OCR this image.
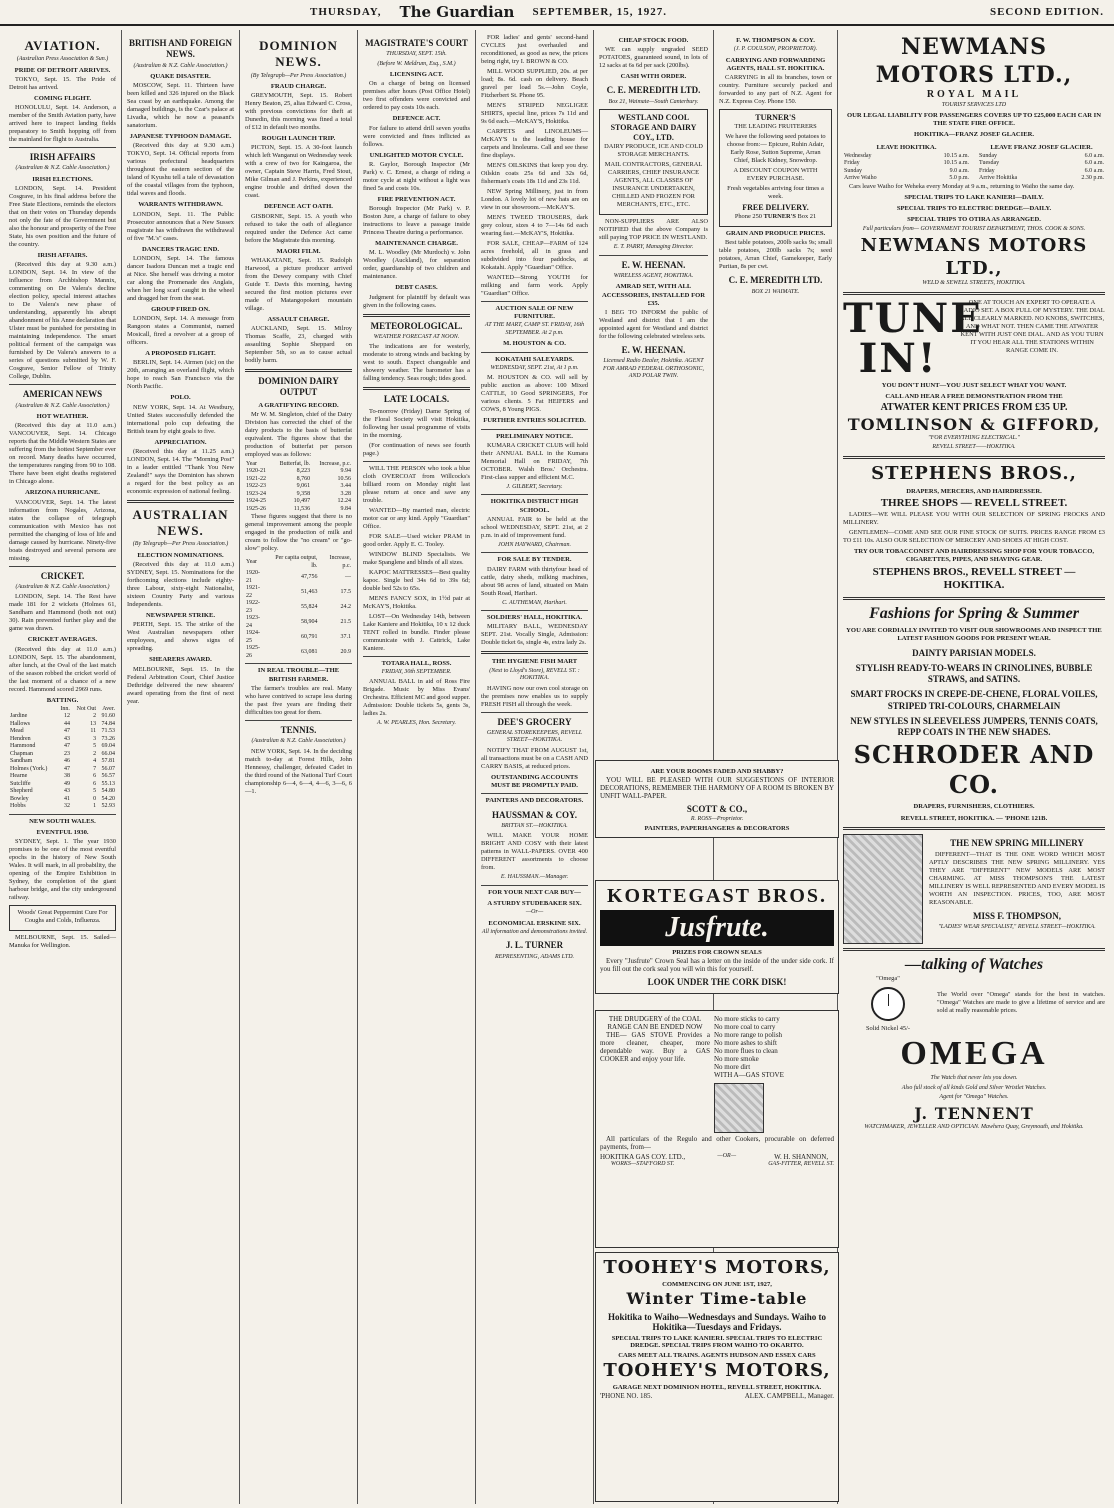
THURSDAY, The Guardian SEPTEMBER, 15, 1927.	SECOND EDITION.
AVIATION.
(Australian Press Association & Sun.)
PRIDE OF DETROIT ARRIVES.

TOKYO, Sept. 15. The Pride of Detroit has arrived.

COMING FLIGHT.

HONOLULU, Sept. 14. Anderson, a member of the Smith Aviation party, have arrived here to inspect landing fields preparatory to Smith hopping off from the mainland for flight to Australia.

IRISH AFFAIRS
(Australian & N.Z. Cable Association.)
IRISH ELECTIONS.

LONDON, Sept. 14. President Cosgrave, in his final address before the Free State Elections, reminds the electors that on their votes on Thursday depends not only the fate of the Government but also the honour and prosperity of the Free State, his own position and the future of the country.

IRISH AFFAIRS.

(Received this day at 9.30 a.m.) LONDON, Sept. 14. In view of the influence from Archbishop Mannix, commenting on De Valera's decline election policy, special interest attaches to De Valera's new phase of understanding, apparently his abrupt abandonment of his Anne declaration that Ulster must be punished for persisting in maintaining independence. The smart political ferment of the campaign was furnished by De Valera's answers to a series of questions submitted by W. F. Cosgrave, Senior Fellow of Trinity College, Dublin.

AMERICAN NEWS
(Australian & N.Z. Cable Association.)
HOT WEATHER.

(Received this day at 11.0 a.m.) VANCOUVER, Sept. 14. Chicago reports that the Middle Western States are suffering from the hottest September ever on record. Many deaths have occurred, the temperatures ranging from 90 to 108. There have been eight deaths registered in Chicago alone.

ARIZONA HURRICANE.

VANCOUVER, Sept. 14. The latest information from Nogales, Arizona, states the collapse of telegraph communication with Mexico has not permitted the changing of loss of life and damage caused by hurricane. Ninety-five boats destroyed and several persons are missing.

CRICKET.
(Australian & N.Z. Cable Association.)

LONDON, Sept. 14. The Rest have made 181 for 2 wickets (Holmes 61, Sandham and Hammond (both not out) 30). Rain prevented further play and the game was drawn.

CRICKET AVERAGES.

(Received this day at 11.0 a.m.) LONDON, Sept. 15. The abandonment, after lunch, at the Oval of the last match of the season robbed the cricket world of the last moment of a chance of a new record. Hammond scored 2969 runs.

BATTING.
	Inn.	Not Out	Aver.
Jardine	12	2	91.60
Hallows	44	13	74.84
Mead	47	11	71.53
Hendren	43	3	73.26
Hammond	47	5	69.04
Chapman	23	2	66.04
Sandham	46	4	57.81
Holmes (York.)	47	7	56.07
Hearne	38	6	56.57
Sutcliffe	49	6	55.13
Shepherd	43	5	54.80
Bowley	41	0	54.20
Hobbs	32	1	52.93
NEW SOUTH WALES.
EVENTFUL 1930.

SYDNEY, Sept. 1. The year 1930 promises to be one of the most eventful epochs in the history of New South Wales. It will mark, in all probability, the opening of the Empire Exhibition in Sydney, the completion of the giant harbour bridge, and the city underground railway.

Woods' Great Peppermint Cure For Coughs and Colds, Influenza.

MELBOURNE, Sept. 15. Sailed—Manuka for Wellington.

BRITISH AND FOREIGN NEWS.
(Australian & N.Z. Cable Association.)
QUAKE DISASTER.

MOSCOW, Sept. 11. Thirteen have been killed and 326 injured on the Black Sea coast by an earthquake. Among the damaged buildings, is the Czar's palace at Livadia, which he now a peasant's sanatorium.

JAPANESE TYPHOON DAMAGE.

(Received this day at 9.30 a.m.) TOKYO, Sept. 14. Official reports from various prefectural headquarters throughout the eastern section of the island of Kyushu tell a tale of devastation of the coastal villages from the typhoon, tidal waves and floods.

WARRANTS WITHDRAWN.

LONDON, Sept. 11. The Public Prosecutor announces that a New Sussex magistrate has withdrawn the withdrawal of five "M.'s" cases.

DANCERS TRAGIC END.

LONDON, Sept. 14. The famous dancer Isadora Duncan met a tragic end at Nice. She herself was driving a motor car along the Promenade des Anglais, when her long scarf caught in the wheel and dragged her from the seat.

GROUP FIRED ON.

LONDON, Sept. 14. A message from Rangoon states a Communist, named Mosicall, fired a revolver at a group of officers.

A PROPOSED FLIGHT.

BERLIN, Sept. 14. Airmen (sic) on the 20th, arranging an overland flight, which hope to reach San Francisco via the North Pacific.

POLO.

NEW YORK, Sept. 14. At Westbury, United States successfully defended the international polo cup defeating the British team by eight goals to five.

APPRECIATION.

(Received this day at 11.25 a.m.) LONDON, Sept. 14. The "Morning Post" in a leader entitled "Thank You New Zealand!" says the Dominion has shown a regard for the best policy as an economic expression of national feeling.

AUSTRALIAN NEWS.
(By Telegraph—Per Press Association.)
ELECTION NOMINATIONS.

(Received this day at 11.0 a.m.) SYDNEY, Sept. 15. Nominations for the forthcoming elections include eighty-three Labour, sixty-eight Nationalist, sixteen Country Party and various Independents.

NEWSPAPER STRIKE.

PERTH, Sept. 15. The strike of the West Australian newspapers other employees, and shows signs of spreading.

SHEARERS AWARD.

MELBOURNE, Sept. 15. In the Federal Arbitration Court, Chief Justice Dethridge delivered the new shearers' award operating from the first of next year.

DOMINION NEWS.
(By Telegraph—Per Press Association.)
FRAUD CHARGE.

GREYMOUTH, Sept. 15. Robert Henry Beaton, 25, alias Edward C. Cross, with previous convictions for theft at Dunedin, this morning was fined a total of £12 in default two months.

ROUGH LAUNCH TRIP.

PICTON, Sept. 15. A 30-foot launch which left Wanganui on Wednesday week with a crew of two for Kaingaroa, the owner, Captain Steve Harris, Fred Stout, Mike Gilman and J. Perkins, experienced engine trouble and drifted down the coast.

DEFENCE ACT OATH.

GISBORNE, Sept. 15. A youth who refused to take the oath of allegiance required under the Defence Act came before the Magistrate this morning.

MAORI FILM.

WHAKATANE, Sept. 15. Rudolph Harwood, a picture producer arrived from the Dewey company with Chief Guide T. Davis this morning, having secured the first motion pictures ever made of Matangopokeri mountain village.

ASSAULT CHARGE.

AUCKLAND, Sept. 15. Milroy Thomas Scaffe, 23, charged with assaulting Sophie Sheppard on September 5th, so as to cause actual bodily harm.

DOMINION DAIRY OUTPUT
A GRATIFYING RECORD.

Mr W. M. Singleton, chief of the Dairy Division has corrected the chief of the dairy products to the basis of butterfat equivalent. The figures show that the production of butterfat per person employed was as follows:

Year	Butterfat, lb.	Increase, p.c.
1920-21	8,223	9.94
1921-22	8,760	10.56
1922-23	9,061	3.44
1923-24	9,358	3.28
1924-25	10,497	12.24
1925-26	11,536	9.84

These figures suggest that there is no general improvement among the people engaged in the production of milk and cream to follow the "no cream" or "go-slow" policy.

Year	Per capita output, lb.	Increase, p.c.
1920-21	47,756	—
1921-22	51,463	17.5
1922-23	55,824	24.2
1923-24	58,904	21.5
1924-25	60,791	37.1
1925-26	63,081	20.9
IN REAL TROUBLE—THE BRITISH FARMER.

The farmer's troubles are real. Many who have contrived to scrape less during the past five years are finding their difficulties too great for them.

TENNIS.
(Australian & N.Z. Cable Association.)

NEW YORK, Sept. 14. In the deciding match to-day at Forest Hills, John Hennessy, challenger, defeated Cadet in the third round of the National Turf Court championship 6—4, 6—4, 4—6, 3—6, 6—1.

MAGISTRATE'S COURT
THURSDAY, SEPT. 15th.
(Before W. Meldrum, Esq., S.M.)
LICENSING ACT.

On a charge of being on licensed premises after hours (Post Office Hotel) two first offenders were convicted and ordered to pay costs 10s each.

DEFENCE ACT.

For failure to attend drill seven youths were convicted and fines inflicted as follows.

UNLIGHTED MOTOR CYCLE.

R. Gaylor, Borough Inspector (Mr Park) v. C. Ernest, a charge of riding a motor cycle at night without a light was fined 5s and costs 10s.

FIRE PREVENTION ACT.

Borough Inspector (Mr Park) v. P. Boston Jure, a charge of failure to obey instructions to leave a passage inside Princess Theatre during a performance.

MAINTENANCE CHARGE.

M. L. Woodley (Mr Murdoch) v. John Woodley (Auckland), for separation order, guardianship of two children and maintenance.

DEBT CASES.

Judgment for plaintiff by default was given in the following cases.

METEOROLOGICAL.
WEATHER FORECAST AT NOON.

The indications are for westerly, moderate to strong winds and backing by west to south. Expect changeable and showery weather. The barometer has a falling tendency. Seas rough; tides good.

LATE LOCALS.

To-morrow (Friday) Dame Spring of the Floral Society will visit Hokitika, following her usual programme of visits in the morning.

(For continuation of news see fourth page.)

WILL THE PERSON who took a blue cloth OVERCOAT from Willcocks's billiard room on Monday night last please return at once and save any trouble.

WANTED—By married man, electric motor car or any kind. Apply "Guardian" Office.

FOR SALE—Used wicker PRAM in good order. Apply E. C. Tooley.

WINDOW BLIND Specialists. We make Spanglene and blinds of all sizes.

KAPOC MATTRESSES—Best quality kapoc. Single bed 34s 6d to 39s 6d; double bed 52s to 65s.

MEN'S FANCY SOX, in 1½d pair at McKAY'S, Hokitika.

LOST—On Wednesday 14th, between Lake Kaniere and Hokitika, 10 x 12 duck TENT rolled in bundle. Finder please communicate with J. Cattrick, Lake Kaniere.

TOTARA HALL, ROSS.
FRIDAY, 30th SEPTEMBER.

ANNUAL BALL in aid of Ross Fire Brigade. Music by Miss Evans' Orchestra. Efficient MC and good supper. Admission: Double tickets 5s, gents 3s, ladies 2s.

A. W. PEARLES, Hon. Secretary.

FOR ladies' and gents' second-hand CYCLES just overhauled and reconditioned, as good as new, the prices being right, try I. BROWN & CO.

MILL WOOD SUPPLIED, 20s. at per load; 8s. 6d. cash on delivery. Beach gravel per load 5s.—John Coyle, Fitzherbert St. Phone 95.

MEN'S STRIPED NEGLIGEE SHIRTS, special line, prices 7s 11d and 9s 6d each.—McKAY'S, Hokitika.

CARPETS and LINOLEUMS—McKAY'S is the leading house for carpets and linoleums. Call and see these fine displays.

MEN'S OILSKINS that keep you dry. Oilskin coats 25s 6d and 32s 6d, fisherman's coats 18s 11d and 23s 11d.

NEW Spring Millinery, just in from London. A lovely lot of new hats are on view in our showroom.—McKAY'S.

MEN'S TWEED TROUSERS, dark grey colour, sizes 4 to 7—14s 6d each wearing fast.—McKAY'S, Hokitika.

FOR SALE, CHEAP—FARM of 124 acres freehold, all in grass and subdivided into four paddocks, at Kokatahi. Apply "Guardian" Office.

WANTED—Strong YOUTH for milking and farm work. Apply "Guardian" Office.

AUCTION SALE OF NEW FURNITURE.
AT THE MART, CAMP ST. FRIDAY, 16th SEPTEMBER. At 2 p.m.
M. HOUSTON & CO.
KOKATAHI SALEYARDS.
WEDNESDAY, SEPT. 21st, At 1 p.m.

M. HOUSTON & CO. will sell by public auction as above: 100 Mixed CATTLE, 10 Good SPRINGERS, For various clients. 5 Fat HEIFERS and COWS, 8 Young PIGS.

FURTHER ENTRIES SOLICITED.
PRELIMINARY NOTICE.

KUMARA CRICKET CLUB will hold their ANNUAL BALL in the Kumara Memorial Hall on FRIDAY, 7th OCTOBER. Walsh Bros.' Orchestra. First-class supper and efficient M.C.

J. GILBERT, Secretary.
HOKITIKA DISTRICT HIGH SCHOOL.

ANNUAL FAIR to be held at the school WEDNESDAY, SEPT. 21st, at 2 p.m. in aid of improvement fund.

JOHN HAYWARD, Chairman.
FOR SALE BY TENDER.

DAIRY FARM with thirtyfour head of cattle, dairy sheds, milking machines, about 98 acres of land, situated on Main South Road, Harihari.

C. AUTHEMAN, Harihari.
SOLDIERS' HALL, HOKITIKA.

MILITARY BALL, WEDNESDAY SEPT. 21st. Vocally Single, Admission: Double ticket 6s, single 4s, extra lady 2s.

THE HYGIENE FISH MART
(Next to Lloyd's Store), REVELL ST. : HOKITIKA.

HAVING now our own cool storage on the premises now enables us to supply FRESH FISH all through the week.

DEE'S GROCERY
GENERAL STOREKEEPERS, REVELL STREET—HOKITIKA.

NOTIFY THAT FROM AUGUST 1st, all transactions must be on a CASH AND CARRY BASIS, at reduced prices.

OUTSTANDING ACCOUNTS MUST BE PROMPTLY PAID.
PAINTERS AND DECORATORS.
HAUSSMAN & COY.
BRITTAN ST.—HOKITIKA.

WILL MAKE YOUR HOME BRIGHT AND COSY with their latest patterns in WALL-PAPERS. OVER 400 DIFFERENT assortments to choose from.

E. HAUSSMAN.—Manager.
FOR YOUR NEXT CAR BUY—
A STURDY STUDEBAKER SIX.
—Or—
ECONOMICAL ERSKINE SIX.
All information and demonstrations invited.
J. L. TURNER
REPRESENTING, ADAMS LTD.
CHEAP STOCK FOOD.

WE can supply ungraded SEED POTATOES, guaranteed sound, in lots of 12 sacks at 6s 6d per sack (200lbs).

CASH WITH ORDER.
C. E. MEREDITH LTD.
Box 21, Waimate—South Canterbury.
WESTLAND COOL STORAGE AND DAIRY COY., LTD.

DAIRY PRODUCE, ICE AND COLD STORAGE MERCHANTS.

MAIL CONTRACTORS, GENERAL CARRIERS, CHIEF INSURANCE AGENTS, ALL CLASSES OF INSURANCE UNDERTAKEN, CHILLED AND FROZEN FOR MERCHANTS, ETC., ETC.

NON-SUPPLIERS ARE ALSO NOTIFIED that the above Company is still paying TOP PRICE IN WESTLAND.

E. T. PARRY, Managing Director.
E. W. HEENAN.
WIRELESS AGENT, HOKITIKA.
AMRAD SET, WITH ALL ACCESSORIES, INSTALLED FOR £35.

I BEG TO INFORM the public of Westland and district that I am the appointed agent for Westland and district for the following celebrated wireless sets.

E. W. HEENAN.
Licensed Radio Dealer, Hokitika. AGENT FOR AMRAD FEDERAL ORTHOSONIC, AND POLAR TWIN.
F. W. THOMPSON & COY.
(J. P. COULSON, PROPRIETOR).
CARRYING AND FORWARDING AGENTS, HALL ST. HOKITIKA.

CARRYING in all its branches, town or country. Furniture securely packed and forwarded to any part of N.Z. Agent for N.Z. Express Coy. Phone 150.

TURNER'S

THE LEADING FRUITERERS

We have the following seed potatoes to choose from:— Epicure, Ruhin Adair, Early Rose, Sutton Supreme, Arran Chief, Black Kidney, Snowdrop.

A DISCOUNT COUPON WITH EVERY PURCHASE.

Fresh vegetables arriving four times a week.

FREE DELIVERY.

Phone 250 TURNER'S Box 21

GRAIN AND PRODUCE PRICES.

Best table potatoes, 200lb sacks 9s; small table potatoes, 200lb sacks 7s; seed potatoes, Arran Chief, Gamekeeper, Early Puritan, 8s per cwt.

C. E. MEREDITH LTD.
BOX 21 WAIMATE.
NEWMANS MOTORS LTD.,
ROYAL MAIL
TOURIST SERVICES LTD
OUR LEGAL LIABILITY FOR PASSENGERS COVERS UP TO £25,000 EACH CAR IN THE STATE FIRE OFFICE.
HOKITIKA—FRANZ JOSEF GLACIER.
LEAVE HOKITIKA.
Wednesday	10.15 a.m.
Friday	10.15 a.m.
Sunday	9.0 a.m.
Arrive Waiho	5.0 p.m.
LEAVE FRANZ JOSEF GLACIER.
Sunday	6.0 a.m.
Tuesday	6.0 a.m.
Friday	6.0 a.m.
Arrive Hokitika	2.30 p.m.

Cars leave Waiho for Weheka every Monday at 9 a.m., returning to Waiho the same day.

SPECIAL TRIPS TO LAKE KANIERI—DAILY.
SPECIAL TRIPS TO ELECTRIC DREDGE—DAILY.
SPECIAL TRIPS TO OTIRA AS ARRANGED.
Full particulars from— GOVERNMENT TOURIST DEPARTMENT, THOS. COOK & SONS.
NEWMANS MOTORS LTD.,
WELD & SEWELL STREETS, HOKITIKA.
TUNE IN!

ONE AT TOUCH AN EXPERT TO OPERATE A RADIO SET. A BOX FULL OF MYSTERY. THE DIAL ALL CLEARLY MARKED. NO KNOBS, SWITCHES, AND WHAT NOT. THEN CAME THE ATWATER KENT WITH JUST ONE DIAL. AND AS YOU TURN IT YOU HEAR ALL THE STATIONS WITHIN RANGE COME IN.

YOU DON'T HUNT—YOU JUST SELECT WHAT YOU WANT.
CALL AND HEAR A FREE DEMONSTRATION FROM THE
ATWATER KENT PRICES FROM £35 UP.
TOMLINSON & GIFFORD,
"FOR EVERYTHING ELECTRICAL."
REVELL STREET——HOKITIKA.
STEPHENS BROS.,
DRAPERS, MERCERS, AND HAIRDRESSER.
THREE SHOPS — REVELL STREET.

LADIES—WE WILL PLEASE YOU WITH OUR SELECTION OF SPRING FROCKS AND MILLINERY.

GENTLEMEN—COME AND SEE OUR FINE STOCK OF SUITS. PRICES RANGE FROM £3 TO £11 10s. ALSO OUR SELECTION OF MERCERY AND SHOES AT HIGH COST.

TRY OUR TOBACCONIST AND HAIRDRESSING SHOP FOR YOUR TOBACCO, CIGARETTES, PIPES, AND SHAVING GEAR.
STEPHENS BROS., REVELL STREET — HOKITIKA.
Fashions for Spring & Summer
YOU ARE CORDIALLY INVITED TO VISIT OUR SHOWROOMS AND INSPECT THE LATEST FASHION GOODS FOR PRESENT WEAR.
DAINTY PARISIAN MODELS.
STYLISH READY-TO-WEARS IN CRINOLINES, BUBBLE STRAWS, and SATINS.
SMART FROCKS IN CREPE-DE-CHENE, FLORAL VOILES, STRIPED TRI-COLOURS, CHARMELAIN
NEW STYLES IN SLEEVELESS JUMPERS, TENNIS COATS, REPP COATS IN THE NEW SHADES.
SCHRODER AND CO.
DRAPERS, FURNISHERS, CLOTHIERS.
REVELL STREET, HOKITIKA. — 'PHONE 121B.
THE NEW SPRING MILLINERY

DIFFERENT—THAT IS THE ONE WORD WHICH MOST APTLY DESCRIBES THE NEW SPRING MILLINERY. YES THEY ARE "DIFFERENT" NEW MODELS ARE MOST CHARMING. AT MISS THOMPSON'S THE LATEST MILLINERY IS WELL REPRESENTED AND EVERY MODEL IS WORTH AN INSPECTION. PRICES, TOO, ARE MOST REASONABLE.

MISS F. THOMPSON,
"LADIES' WEAR SPECIALIST," REVELL STREET—HOKITIKA.
—talking of Watches
"Omega"
Solid Nickel 45/-

The World over "Omega" stands for the best in watches. "Omega" Watches are made to give a lifetime of service and are sold at really reasonable prices.

OMEGA
The Watch that never lets you down.
Also full stock of all kinds Gold and Silver Wristlet Watches.
Agent for "Omega" Watches.
J. TENNENT
WATCHMAKER, JEWELLER AND OPTICIAN. Mawhera Quay, Greymouth, and Hokitika.
ARE YOUR ROOMS FADED AND SHABBY?

YOU WILL BE PLEASED WITH OUR SUGGESTIONS OF INTERIOR DECORATIONS, REMEMBER THE HARMONY OF A ROOM IS BROKEN BY UNFIT WALL-PAPER.

SCOTT & CO.,
R. ROSS—Proprietor.
PAINTERS, PAPERHANGERS & DECORATORS
KORTEGAST BROS.
Jusfrute.
PRIZES FOR CROWN SEALS

Every "Jusfrute" Crown Seal has a letter on the inside of the under side cork. If you fill out the cork seal you will win this for yourself.

LOOK UNDER THE CORK DISK!
THE DRUDGERY of the COAL RANGE CAN BE ENDED NOW

THE— GAS STOVE Provides a more cleaner, cheaper, more dependable way. Buy a GAS COOKER and enjoy your life.

No more sticks to carry
No more coal to carry
No more range to polish
No more ashes to shift
No more flues to clean
No more smoke
No more dirt
WITH A—GAS STOVE

All particulars of the Regulo and other Cookers, procurable on deferred payments, from—

HOKITIKA GAS COY. LTD.,
WORKS—STAFFORD ST.
—OR—	W. H. SHANNON,
GAS-FITTER, REVELL ST.
TOOHEY'S MOTORS,
COMMENCING ON JUNE 1ST, 1927,
Winter Time-table
Hokitika to Waiho—Wednesdays and Sundays. Waiho to Hokitika—Tuesdays and Fridays.
SPECIAL TRIPS TO LAKE KANIERI. SPECIAL TRIPS TO ELECTRIC DREDGE. SPECIAL TRIPS FROM WAIHO TO OKARITO.
CARS MEET ALL TRAINS. AGENTS HUDSON AND ESSEX CARS
TOOHEY'S MOTORS,
GARAGE NEXT DOMINION HOTEL, REVELL STREET, HOKITIKA.
'PHONE NO. 185.	ALEX. CAMPBELL, Manager.
